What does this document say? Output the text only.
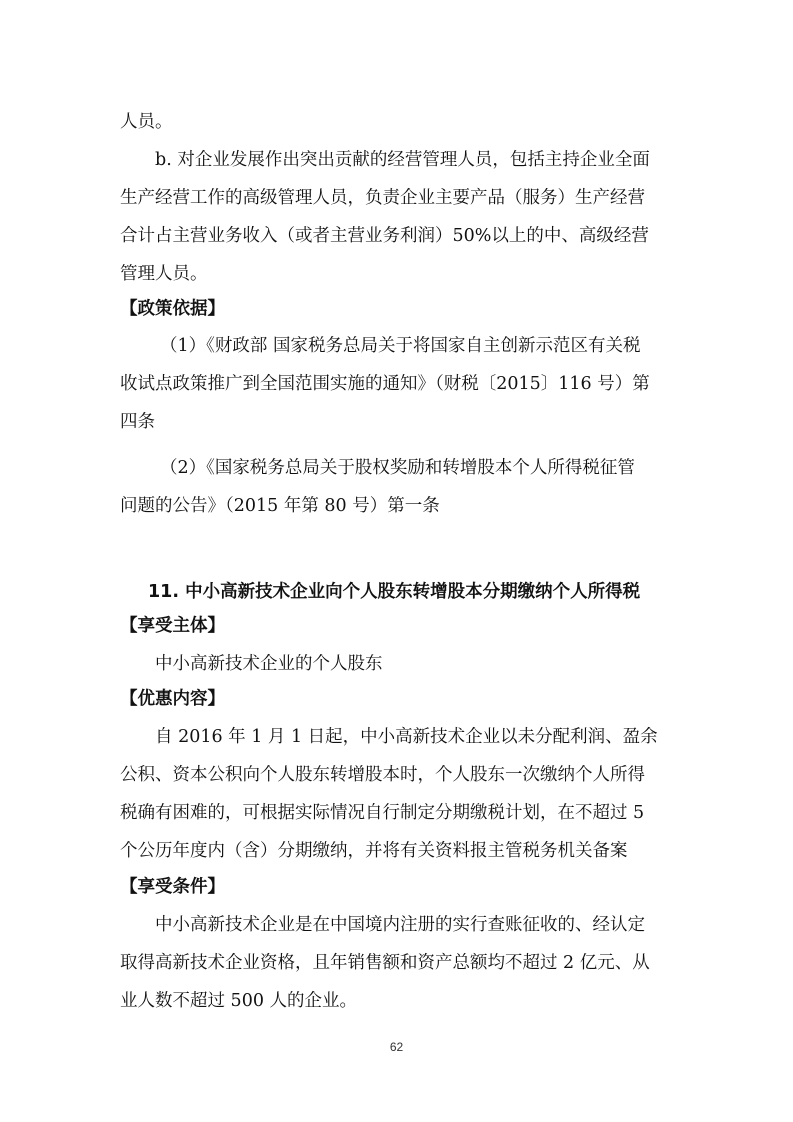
人员。
b. 对企业发展作出突出贡献的经营管理人员，包括主持企业全面
生产经营工作的高级管理人员，负责企业主要产品（服务）生产经营
合计占主营业务收入（或者主营业务利润）50%以上的中、高级经营
管理人员。
【政策依据】
（1）《财政部 国家税务总局关于将国家自主创新示范区有关税
收试点政策推广到全国范围实施的通知》（财税〔2015〕116 号）第
四条
（2）《国家税务总局关于股权奖励和转增股本个人所得税征管
问题的公告》（2015 年第 80 号）第一条
11. 中小高新技术企业向个人股东转增股本分期缴纳个人所得税
【享受主体】
中小高新技术企业的个人股东
【优惠内容】
自 2016 年 1 月 1 日起，中小高新技术企业以未分配利润、盈余
公积、资本公积向个人股东转增股本时，个人股东一次缴纳个人所得
税确有困难的，可根据实际情况自行制定分期缴税计划，在不超过 5
个公历年度内（含）分期缴纳，并将有关资料报主管税务机关备案
【享受条件】
中小高新技术企业是在中国境内注册的实行查账征收的、经认定
取得高新技术企业资格，且年销售额和资产总额均不超过 2 亿元、从
业人数不超过 500 人的企业。
62
